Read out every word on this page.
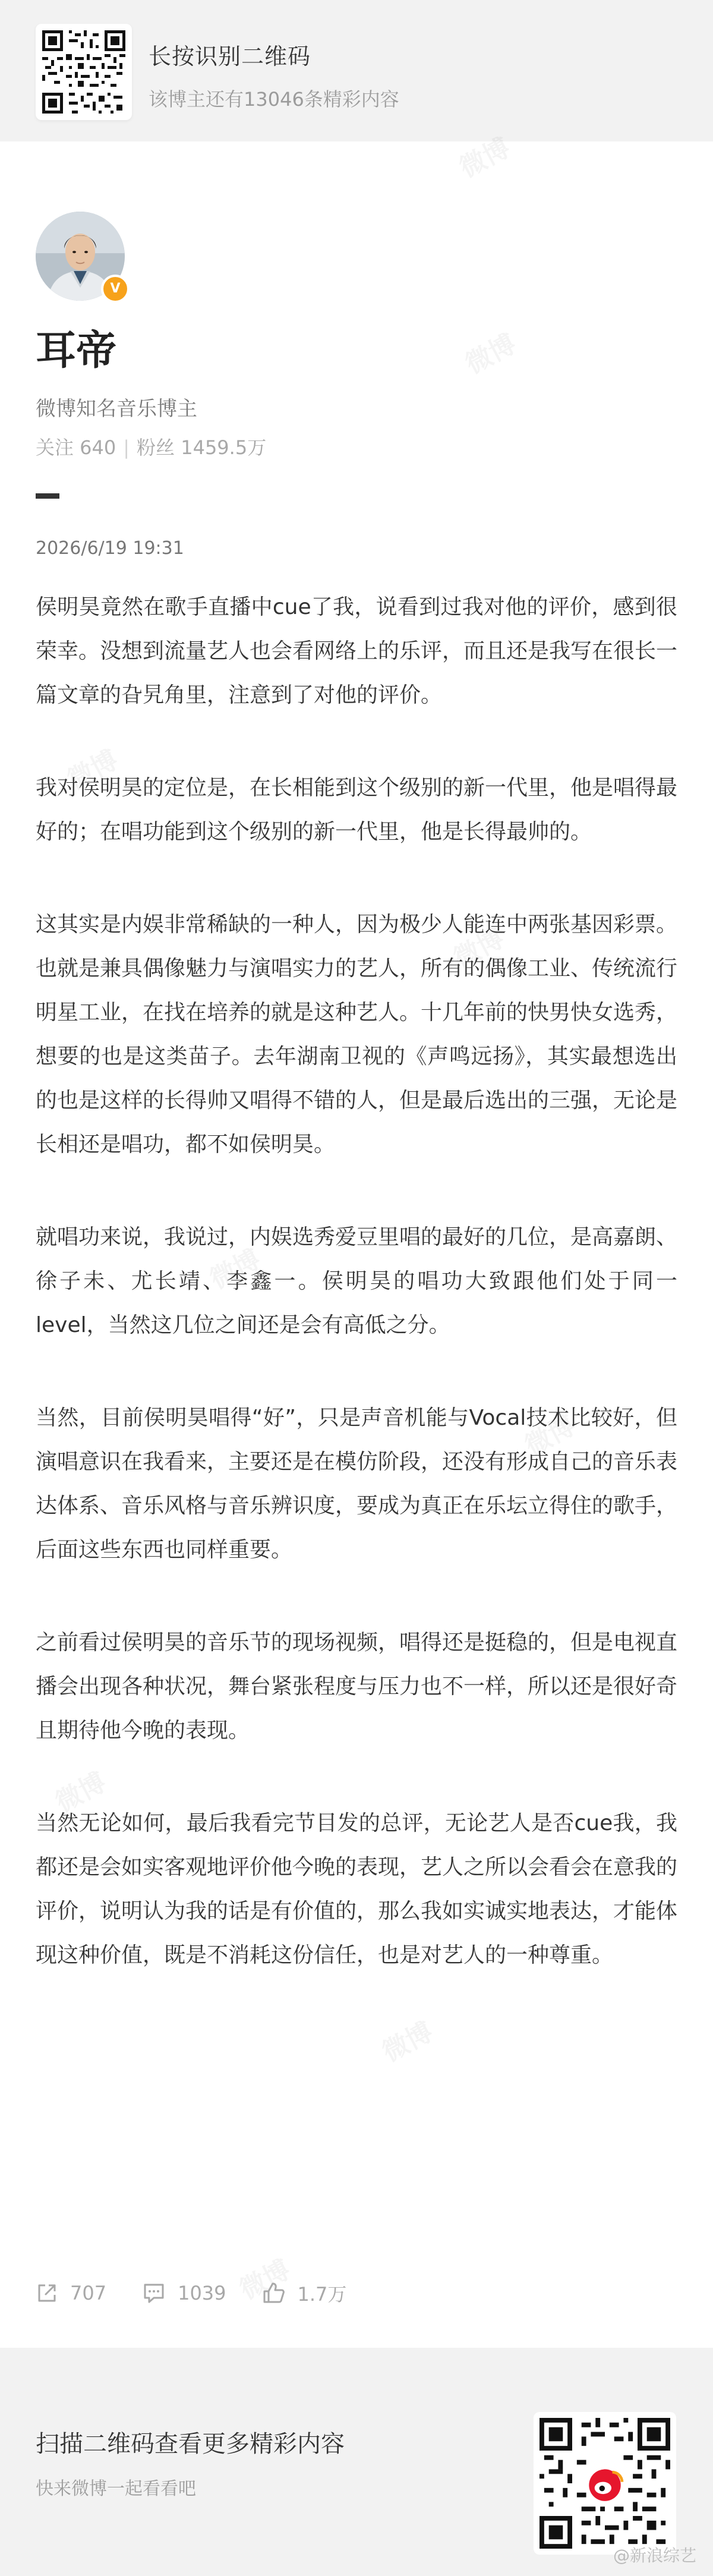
长按识别二维码
该博主还有13046条精彩内容
V
耳帝
微博知名音乐博主
关注 640 | 粉丝 1459.5万
2026/6/19 19:31

侯明昊竟然在歌手直播中cue了我，说看到过我对他的评价，感到很荣幸。没想到流量艺人也会看网络上的乐评，而且还是我写在很长一篇文章的旮旯角里，注意到了对他的评价。

我对侯明昊的定位是，在长相能到这个级别的新一代里，他是唱得最好的；在唱功能到这个级别的新一代里，他是长得最帅的。

这其实是内娱非常稀缺的一种人，因为极少人能连中两张基因彩票。也就是兼具偶像魅力与演唱实力的艺人，所有的偶像工业、传统流行明星工业，在找在培养的就是这种艺人。十几年前的快男快女选秀，想要的也是这类苗子。去年湖南卫视的《声鸣远扬》，其实最想选出的也是这样的长得帅又唱得不错的人，但是最后选出的三强，无论是长相还是唱功，都不如侯明昊。

就唱功来说，我说过，内娱选秀爱豆里唱的最好的几位，是高嘉朗、徐子未、尤长靖、李鑫一。侯明昊的唱功大致跟他们处于同一level，当然这几位之间还是会有高低之分。

当然，目前侯明昊唱得“好”，只是声音机能与Vocal技术比较好，但演唱意识在我看来，主要还是在模仿阶段，还没有形成自己的音乐表达体系、音乐风格与音乐辨识度，要成为真正在乐坛立得住的歌手，后面这些东西也同样重要。

之前看过侯明昊的音乐节的现场视频，唱得还是挺稳的，但是电视直播会出现各种状况，舞台紧张程度与压力也不一样，所以还是很好奇且期待他今晚的表现。

当然无论如何，最后我看完节目发的总评，无论艺人是否cue我，我都还是会如实客观地评价他今晚的表现，艺人之所以会看会在意我的评价，说明认为我的话是有价值的，那么我如实诚实地表达，才能体现这种价值，既是不消耗这份信任，也是对艺人的一种尊重。

707	1039	1.7万
扫描二维码查看更多精彩内容
快来微博一起看看吧
@新浪综艺
